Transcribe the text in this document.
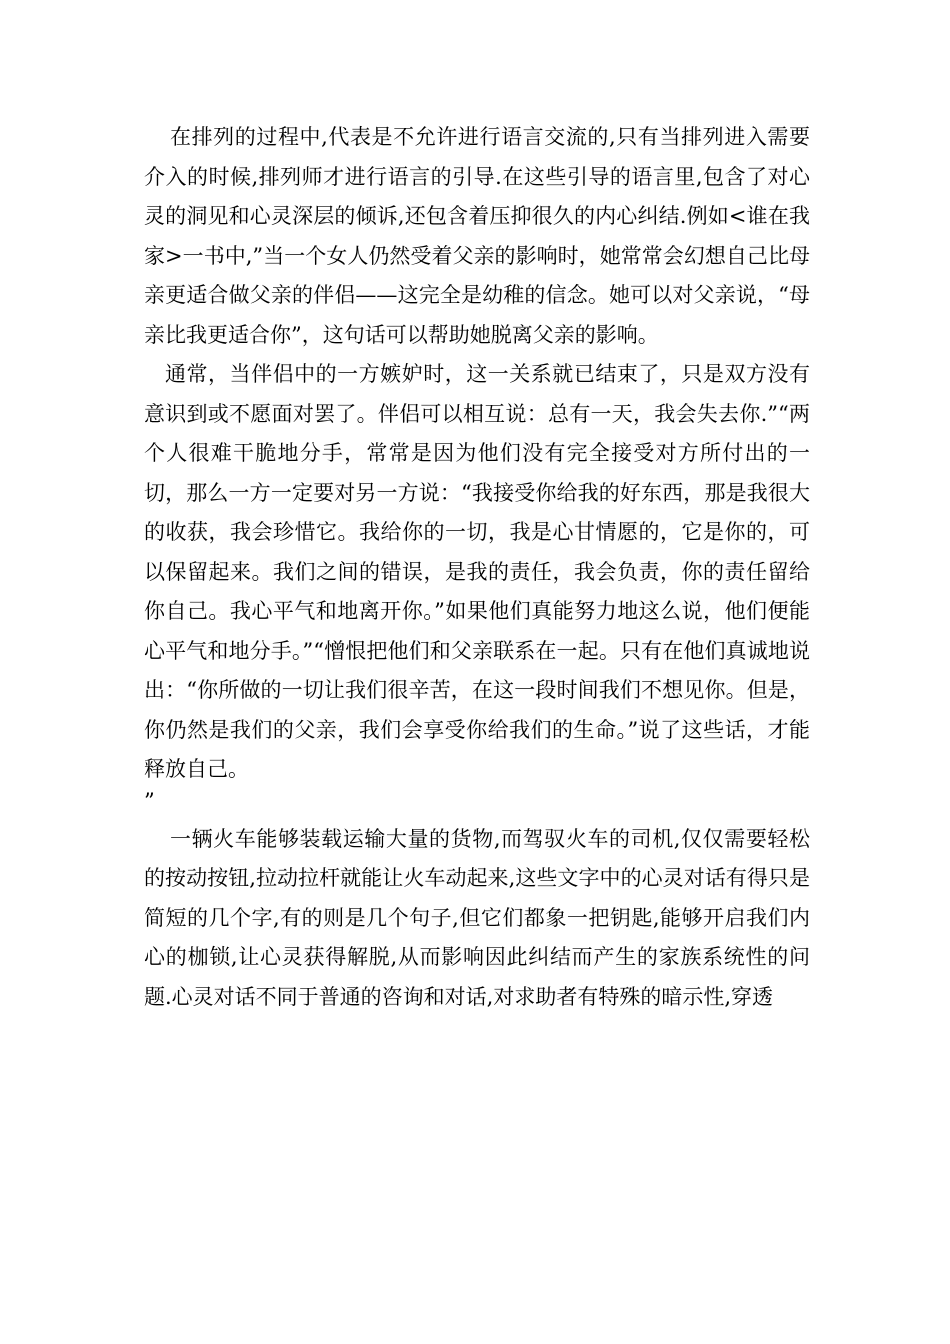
在排列的过程中,代表是不允许进行语言交流的,只有当排列进入需要介入的时候,排列师才进行语言的引导.在这些引导的语言里,包含了对心灵的洞见和心灵深层的倾诉,还包含着压抑很久的内心纠结.例如<谁在我家>一书中,”当一个女人仍然受着父亲的影响时，她常常会幻想自己比母亲更适合做父亲的伴侣——这完全是幼稚的信念。她可以对父亲说，“母亲比我更适合你”，这句话可以帮助她脱离父亲的影响。

通常，当伴侣中的一方嫉妒时，这一关系就已结束了，只是双方没有意识到或不愿面对罢了。伴侣可以相互说：总有一天，我会失去你.”“两个人很难干脆地分手，常常是因为他们没有完全接受对方所付出的一切，那么一方一定要对另一方说：“我接受你给我的好东西，那是我很大的收获，我会珍惜它。我给你的一切，我是心甘情愿的，它是你的，可以保留起来。我们之间的错误，是我的责任，我会负责，你的责任留给你自己。我心平气和地离开你。”如果他们真能努力地这么说，他们便能心平气和地分手。”“憎恨把他们和父亲联系在一起。只有在他们真诚地说出：“你所做的一切让我们很辛苦，在这一段时间我们不想见你。但是，你仍然是我们的父亲，我们会享受你给我们的生命。”说了这些话，才能释放自己。

”

一辆火车能够装载运输大量的货物,而驾驭火车的司机,仅仅需要轻松的按动按钮,拉动拉杆就能让火车动起来,这些文字中的心灵对话有得只是简短的几个字,有的则是几个句子,但它们都象一把钥匙,能够开启我们内心的枷锁,让心灵获得解脱,从而影响因此纠结而产生的家族系统性的问题.心灵对话不同于普通的咨询和对话,对求助者有特殊的暗示性,穿透
